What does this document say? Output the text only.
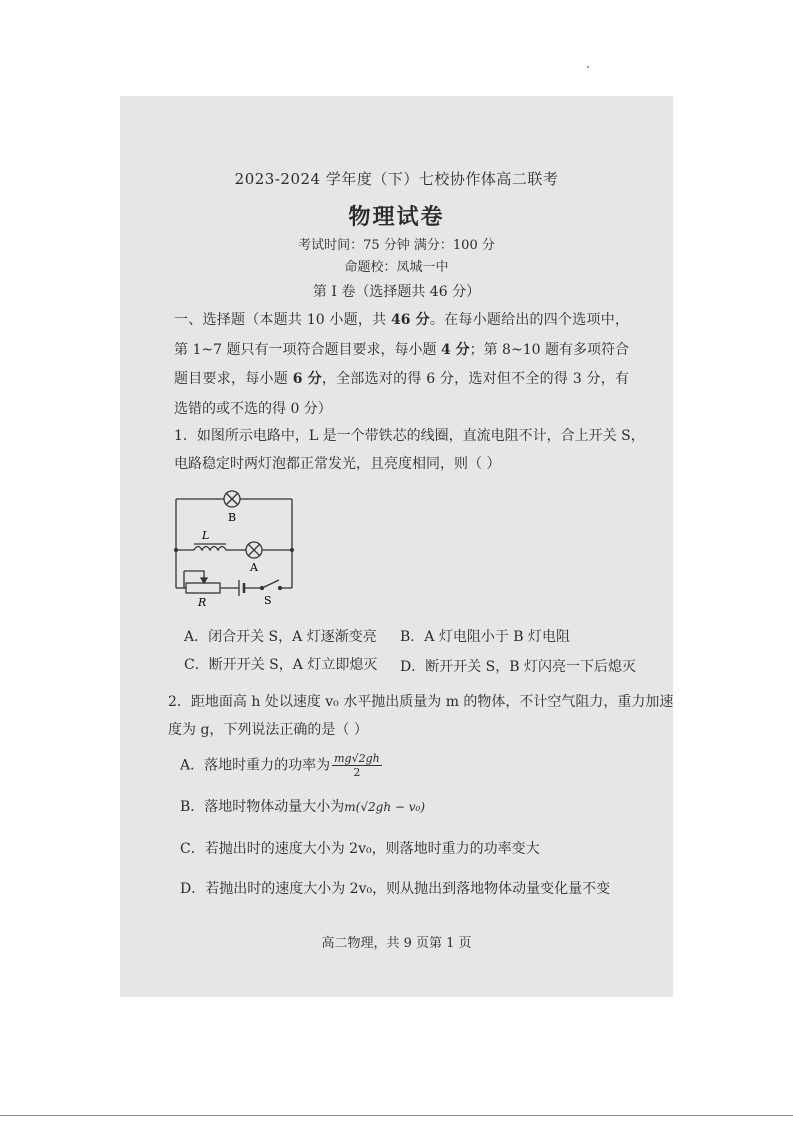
2023-2024 学年度（下）七校协作体高二联考
物理试卷
考试时间：75 分钟 满分：100 分
命题校：凤城一中
第 I 卷（选择题共 46 分）
一、选择题（本题共 10 小题，共 46 分。在每小题给出的四个选项中，第 1~7 题只有一项符合题目要求，每小题 4 分；第 8~10 题有多项符合题目要求，每小题 6 分，全部选对的得 6 分，选对但不全的得 3 分，有选错的或不选的得 0 分）
1．如图所示电路中，L 是一个带铁芯的线圈，直流电阻不计，合上开关 S，
电路稳定时两灯泡都正常发光，且亮度相同，则（ ）
B
L
A
R	S
A．闭合开关 S，A 灯逐渐变亮 B．A 灯电阻小于 B 灯电阻
C．断开开关 S，A 灯立即熄灭 D．断开开关 S，B 灯闪亮一下后熄灭
2．距地面高 h 处以速度 v₀ 水平抛出质量为 m 的物体，不计空气阻力，重力加速
度为 g，下列说法正确的是（ ）
A．落地时重力的功率为 $\frac{mg√2gh}{2}$
B．落地时物体动量大小为m(√2gh − v₀)
C．若抛出时的速度大小为 2v₀，则落地时重力的功率变大
D．若抛出时的速度大小为 2v₀，则从抛出到落地物体动量变化量不变
高二物理，共 9 页第 1 页
